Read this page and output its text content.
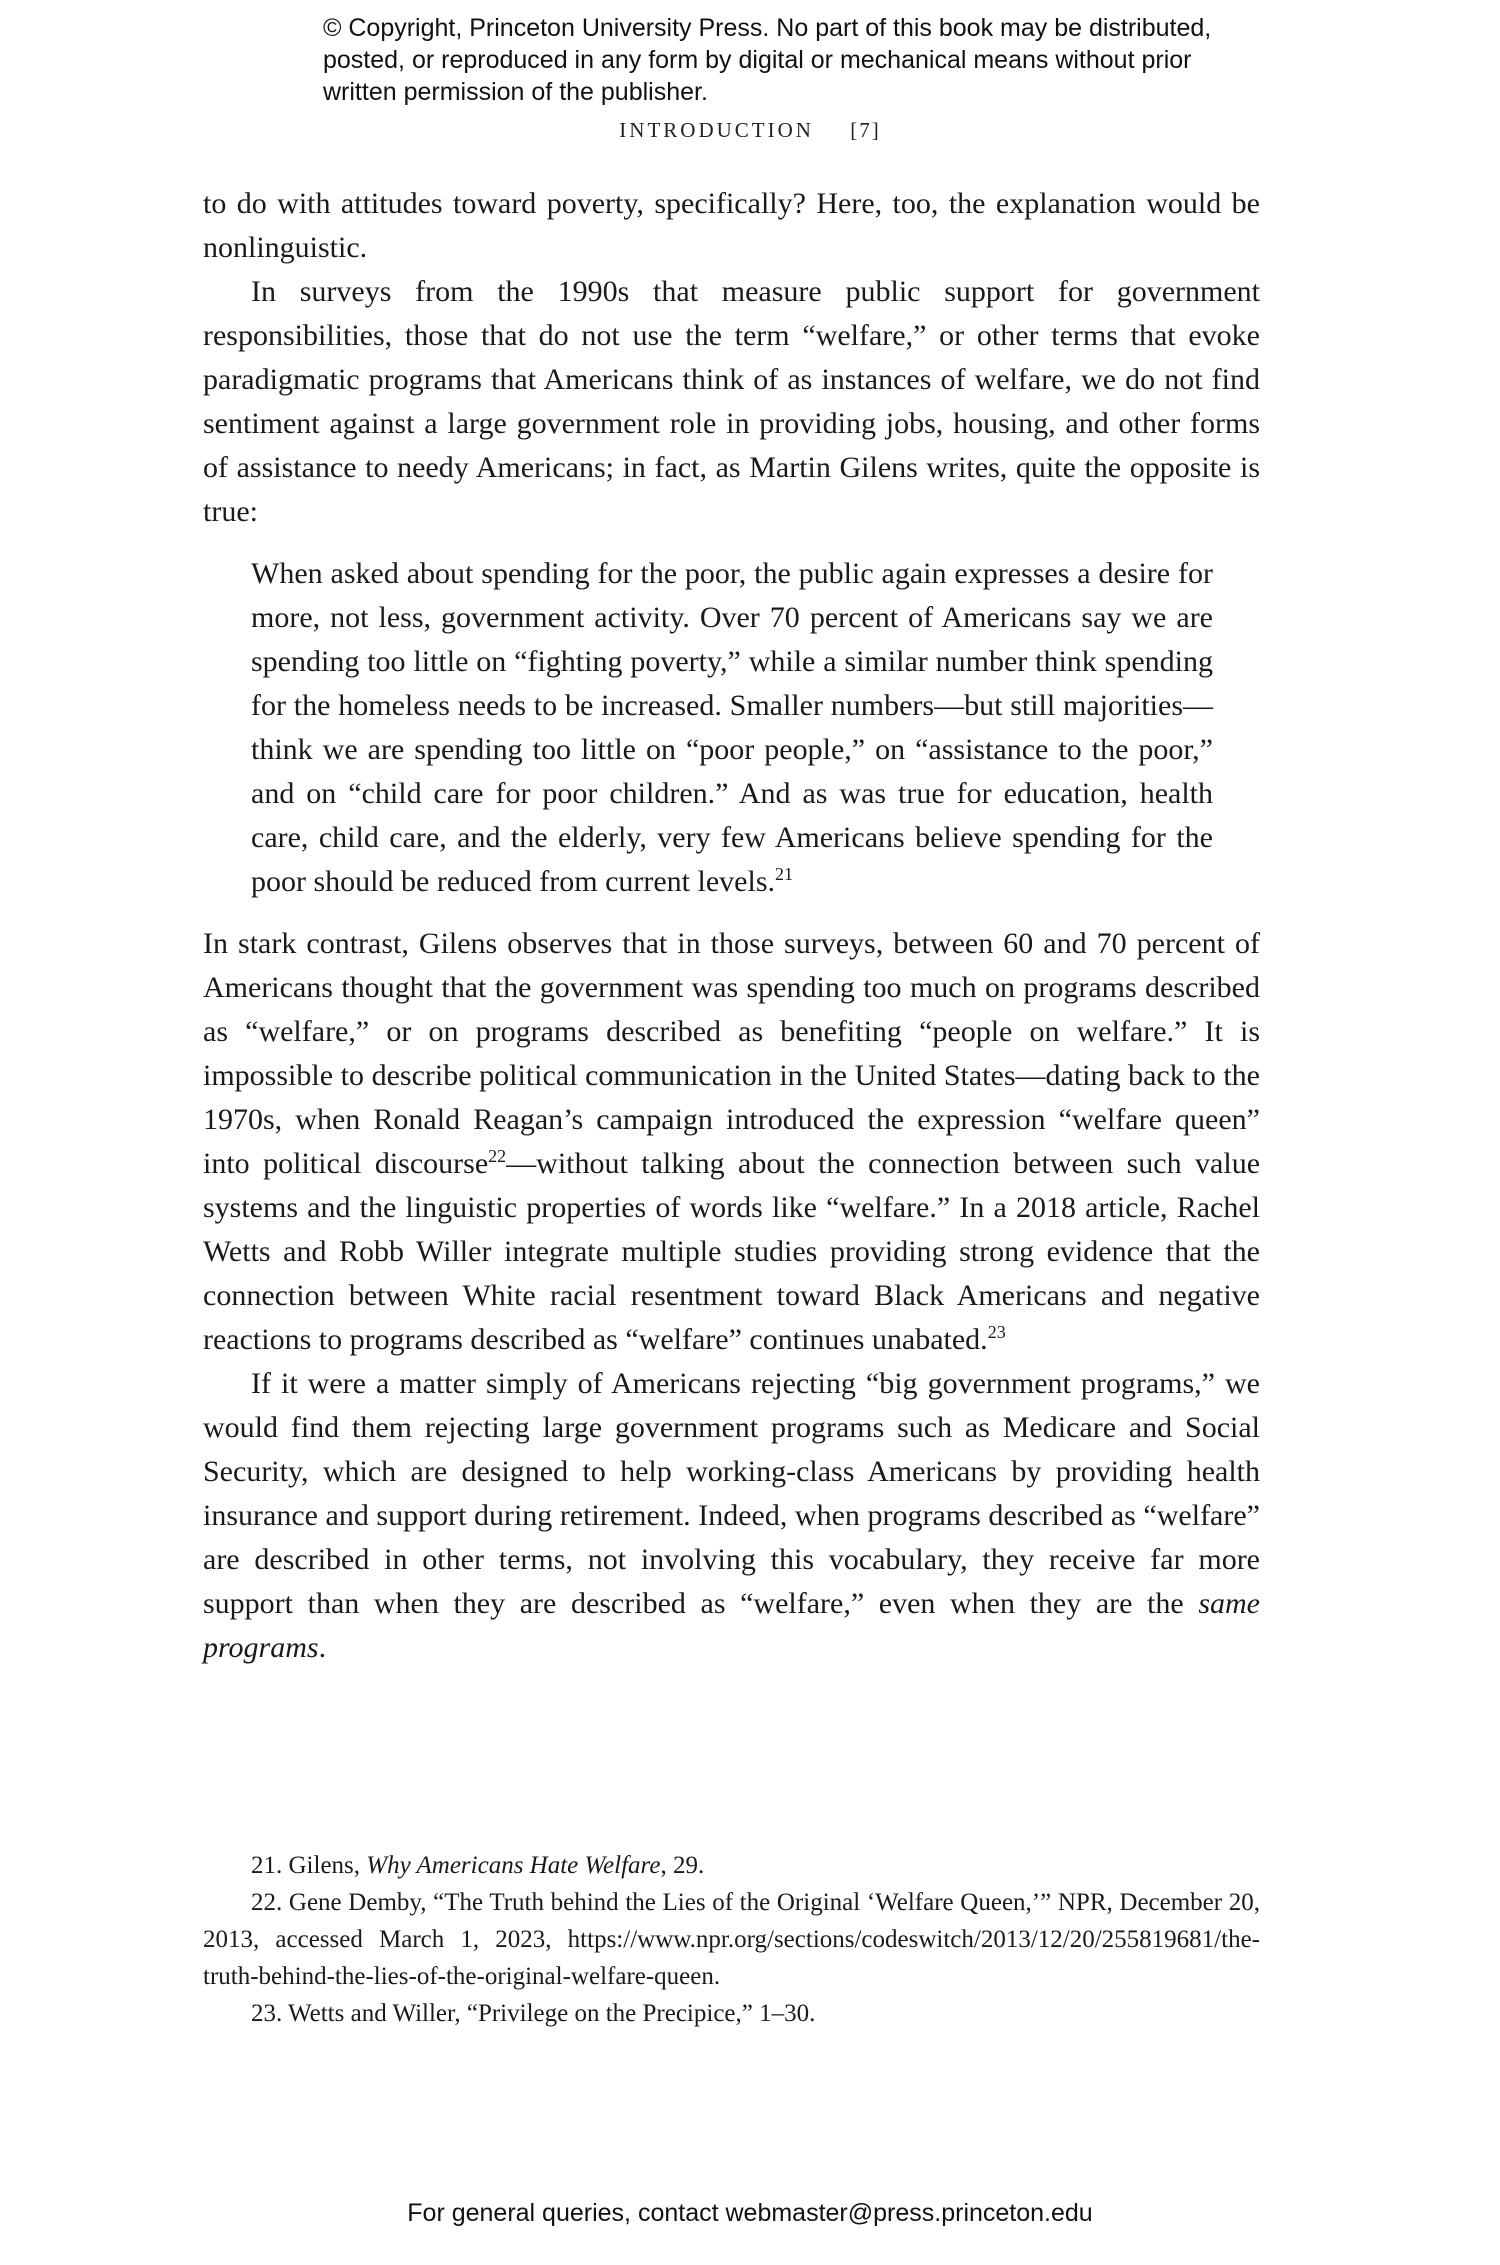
© Copyright, Princeton University Press. No part of this book may be distributed, posted, or reproduced in any form by digital or mechanical means without prior written permission of the publisher.

INTRODUCTION [7]

to do with attitudes toward poverty, specifically? Here, too, the explanation would be nonlinguistic.

In surveys from the 1990s that measure public support for government responsibilities, those that do not use the term “welfare,” or other terms that evoke paradigmatic programs that Americans think of as instances of welfare, we do not find sentiment against a large government role in providing jobs, housing, and other forms of assistance to needy Americans; in fact, as Martin Gilens writes, quite the opposite is true:

When asked about spending for the poor, the public again expresses a desire for more, not less, government activity. Over 70 percent of Americans say we are spending too little on “fighting poverty,” while a similar number think spending for the homeless needs to be increased. Smaller numbers—but still majorities—think we are spending too little on “poor people,” on “assistance to the poor,” and on “child care for poor children.” And as was true for education, health care, child care, and the elderly, very few Americans believe spending for the poor should be reduced from current levels.$^{21}$

In stark contrast, Gilens observes that in those surveys, between 60 and 70 percent of Americans thought that the government was spending too much on programs described as “welfare,” or on programs described as benefiting “people on welfare.” It is impossible to describe political communication in the United States—dating back to the 1970s, when Ronald Reagan’s campaign introduced the expression “welfare queen” into political discourse$^{22}$—without talking about the connection between such value systems and the linguistic properties of words like “welfare.” In a 2018 article, Rachel Wetts and Robb Willer integrate multiple studies providing strong evidence that the connection between White racial resentment toward Black Americans and negative reactions to programs described as “welfare” continues unabated.$^{23}$

If it were a matter simply of Americans rejecting “big government programs,” we would find them rejecting large government programs such as Medicare and Social Security, which are designed to help working-class Americans by providing health insurance and support during retirement. Indeed, when programs described as “welfare” are described in other terms, not involving this vocabulary, they receive far more support than when they are described as “welfare,” even when they are the same programs.

21. Gilens, Why Americans Hate Welfare, 29.

22. Gene Demby, “The Truth behind the Lies of the Original ‘Welfare Queen,’” NPR, December 20, 2013, accessed March 1, 2023, https://www.npr.org/sections/codeswitch/2013/12/20/255819681/the-truth-behind-the-lies-of-the-original-welfare-queen.

23. Wetts and Willer, “Privilege on the Precipice,” 1–30.

For general queries, contact webmaster@press.princeton.edu
